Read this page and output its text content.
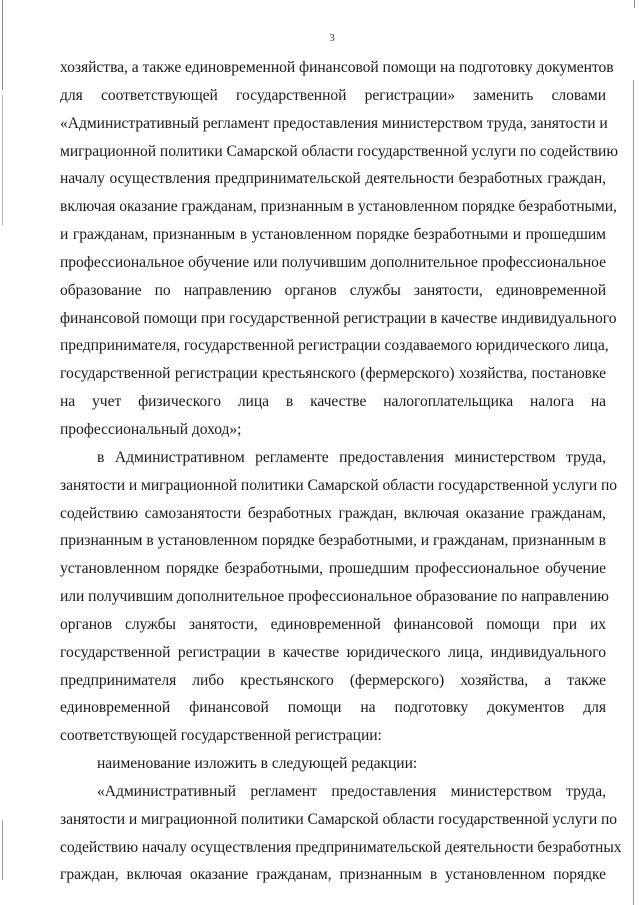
3
хозяйства, а также единовременной финансовой помощи на подготовку документов
для соответствующей государственной регистрации» заменить словами
«Административный регламент предоставления министерством труда, занятости и
миграционной политики Самарской области государственной услуги по содействию
началу осуществления предпринимательской деятельности безработных граждан,
включая оказание гражданам, признанным в установленном порядке безработными,
и гражданам, признанным в установленном порядке безработными и прошедшим
профессиональное обучение или получившим дополнительное профессиональное
образование по направлению органов службы занятости, единовременной
финансовой помощи при государственной регистрации в качестве индивидуального
предпринимателя, государственной регистрации создаваемого юридического лица,
государственной регистрации крестьянского (фермерского) хозяйства, постановке
на учет физического лица в качестве налогоплательщика налога на
профессиональный доход»;
в Административном регламенте предоставления министерством труда,
занятости и миграционной политики Самарской области государственной услуги по
содействию самозанятости безработных граждан, включая оказание гражданам,
признанным в установленном порядке безработными, и гражданам, признанным в
установленном порядке безработными, прошедшим профессиональное обучение
или получившим дополнительное профессиональное образование по направлению
органов службы занятости, единовременной финансовой помощи при их
государственной регистрации в качестве юридического лица, индивидуального
предпринимателя либо крестьянского (фермерского) хозяйства, а также
единовременной финансовой помощи на подготовку документов для
соответствующей государственной регистрации:
наименование изложить в следующей редакции:
«Административный регламент предоставления министерством труда,
занятости и миграционной политики Самарской области государственной услуги по
содействию началу осуществления предпринимательской деятельности безработных
граждан, включая оказание гражданам, признанным в установленном порядке
